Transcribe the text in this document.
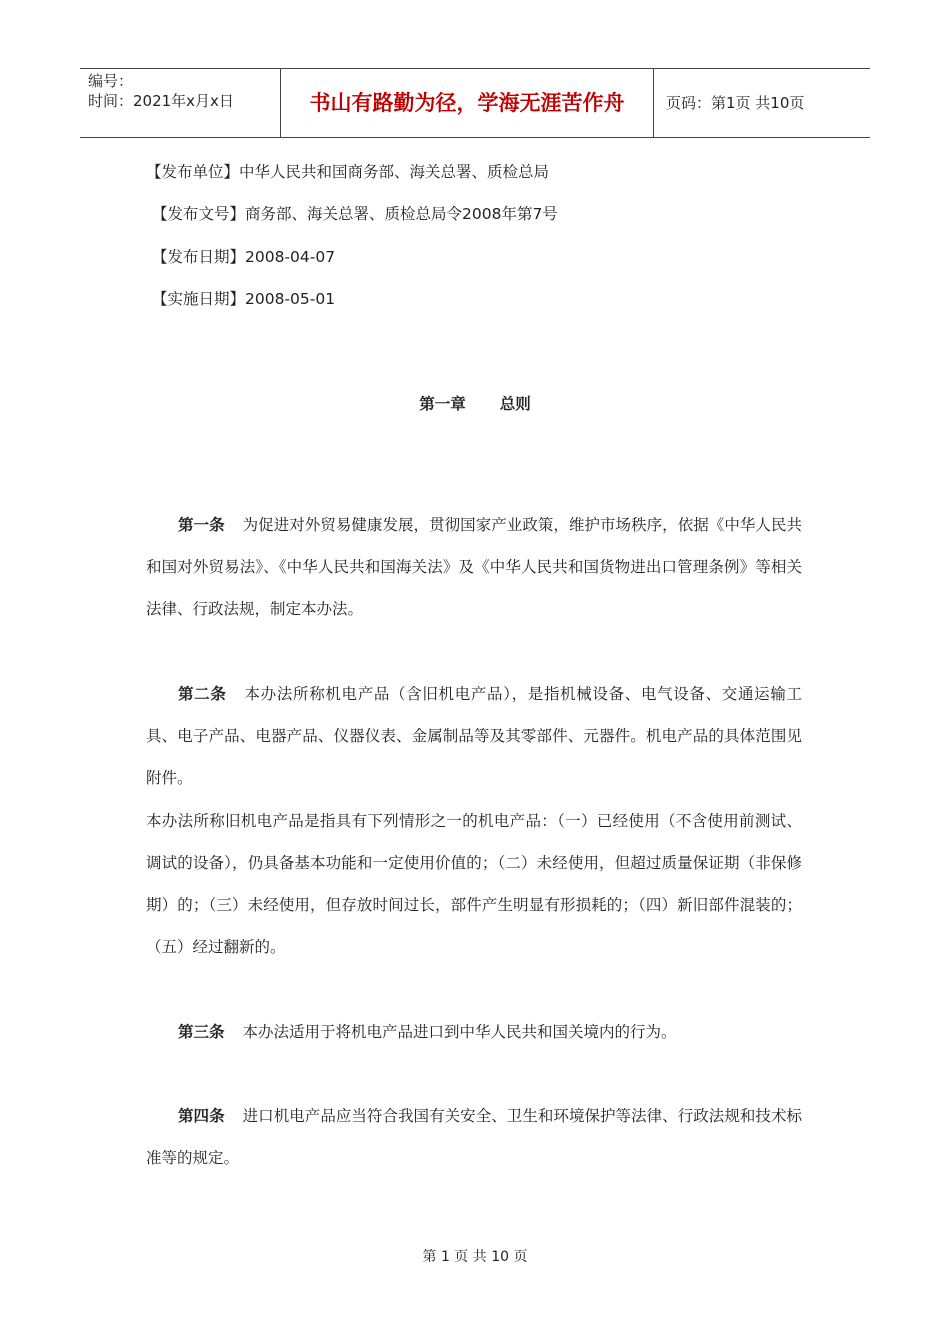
编号：
时间：2021年x月x日	书山有路勤为径，学海无涯苦作舟	页码：第1页 共10页
【发布单位】中华人民共和国商务部、海关总署、质检总局
【发布文号】商务部、海关总署、质检总局令2008年第7号
【发布日期】2008-04-07
【实施日期】2008-05-01
第一章 总则
第一条 为促进对外贸易健康发展，贯彻国家产业政策，维护市场秩序，依据《中华人民共和国对外贸易法》、《中华人民共和国海关法》及《中华人民共和国货物进出口管理条例》等相关法律、行政法规，制定本办法。
第二条 本办法所称机电产品（含旧机电产品），是指机械设备、电气设备、交通运输工具、电子产品、电器产品、仪器仪表、金属制品等及其零部件、元器件。机电产品的具体范围见附件。
本办法所称旧机电产品是指具有下列情形之一的机电产品：（一）已经使用（不含使用前测试、调试的设备），仍具备基本功能和一定使用价值的；（二）未经使用，但超过质量保证期（非保修期）的；（三）未经使用，但存放时间过长，部件产生明显有形损耗的；（四）新旧部件混装的；（五）经过翻新的。
第三条 本办法适用于将机电产品进口到中华人民共和国关境内的行为。
第四条 进口机电产品应当符合我国有关安全、卫生和环境保护等法律、行政法规和技术标准等的规定。
第 1 页 共 10 页
